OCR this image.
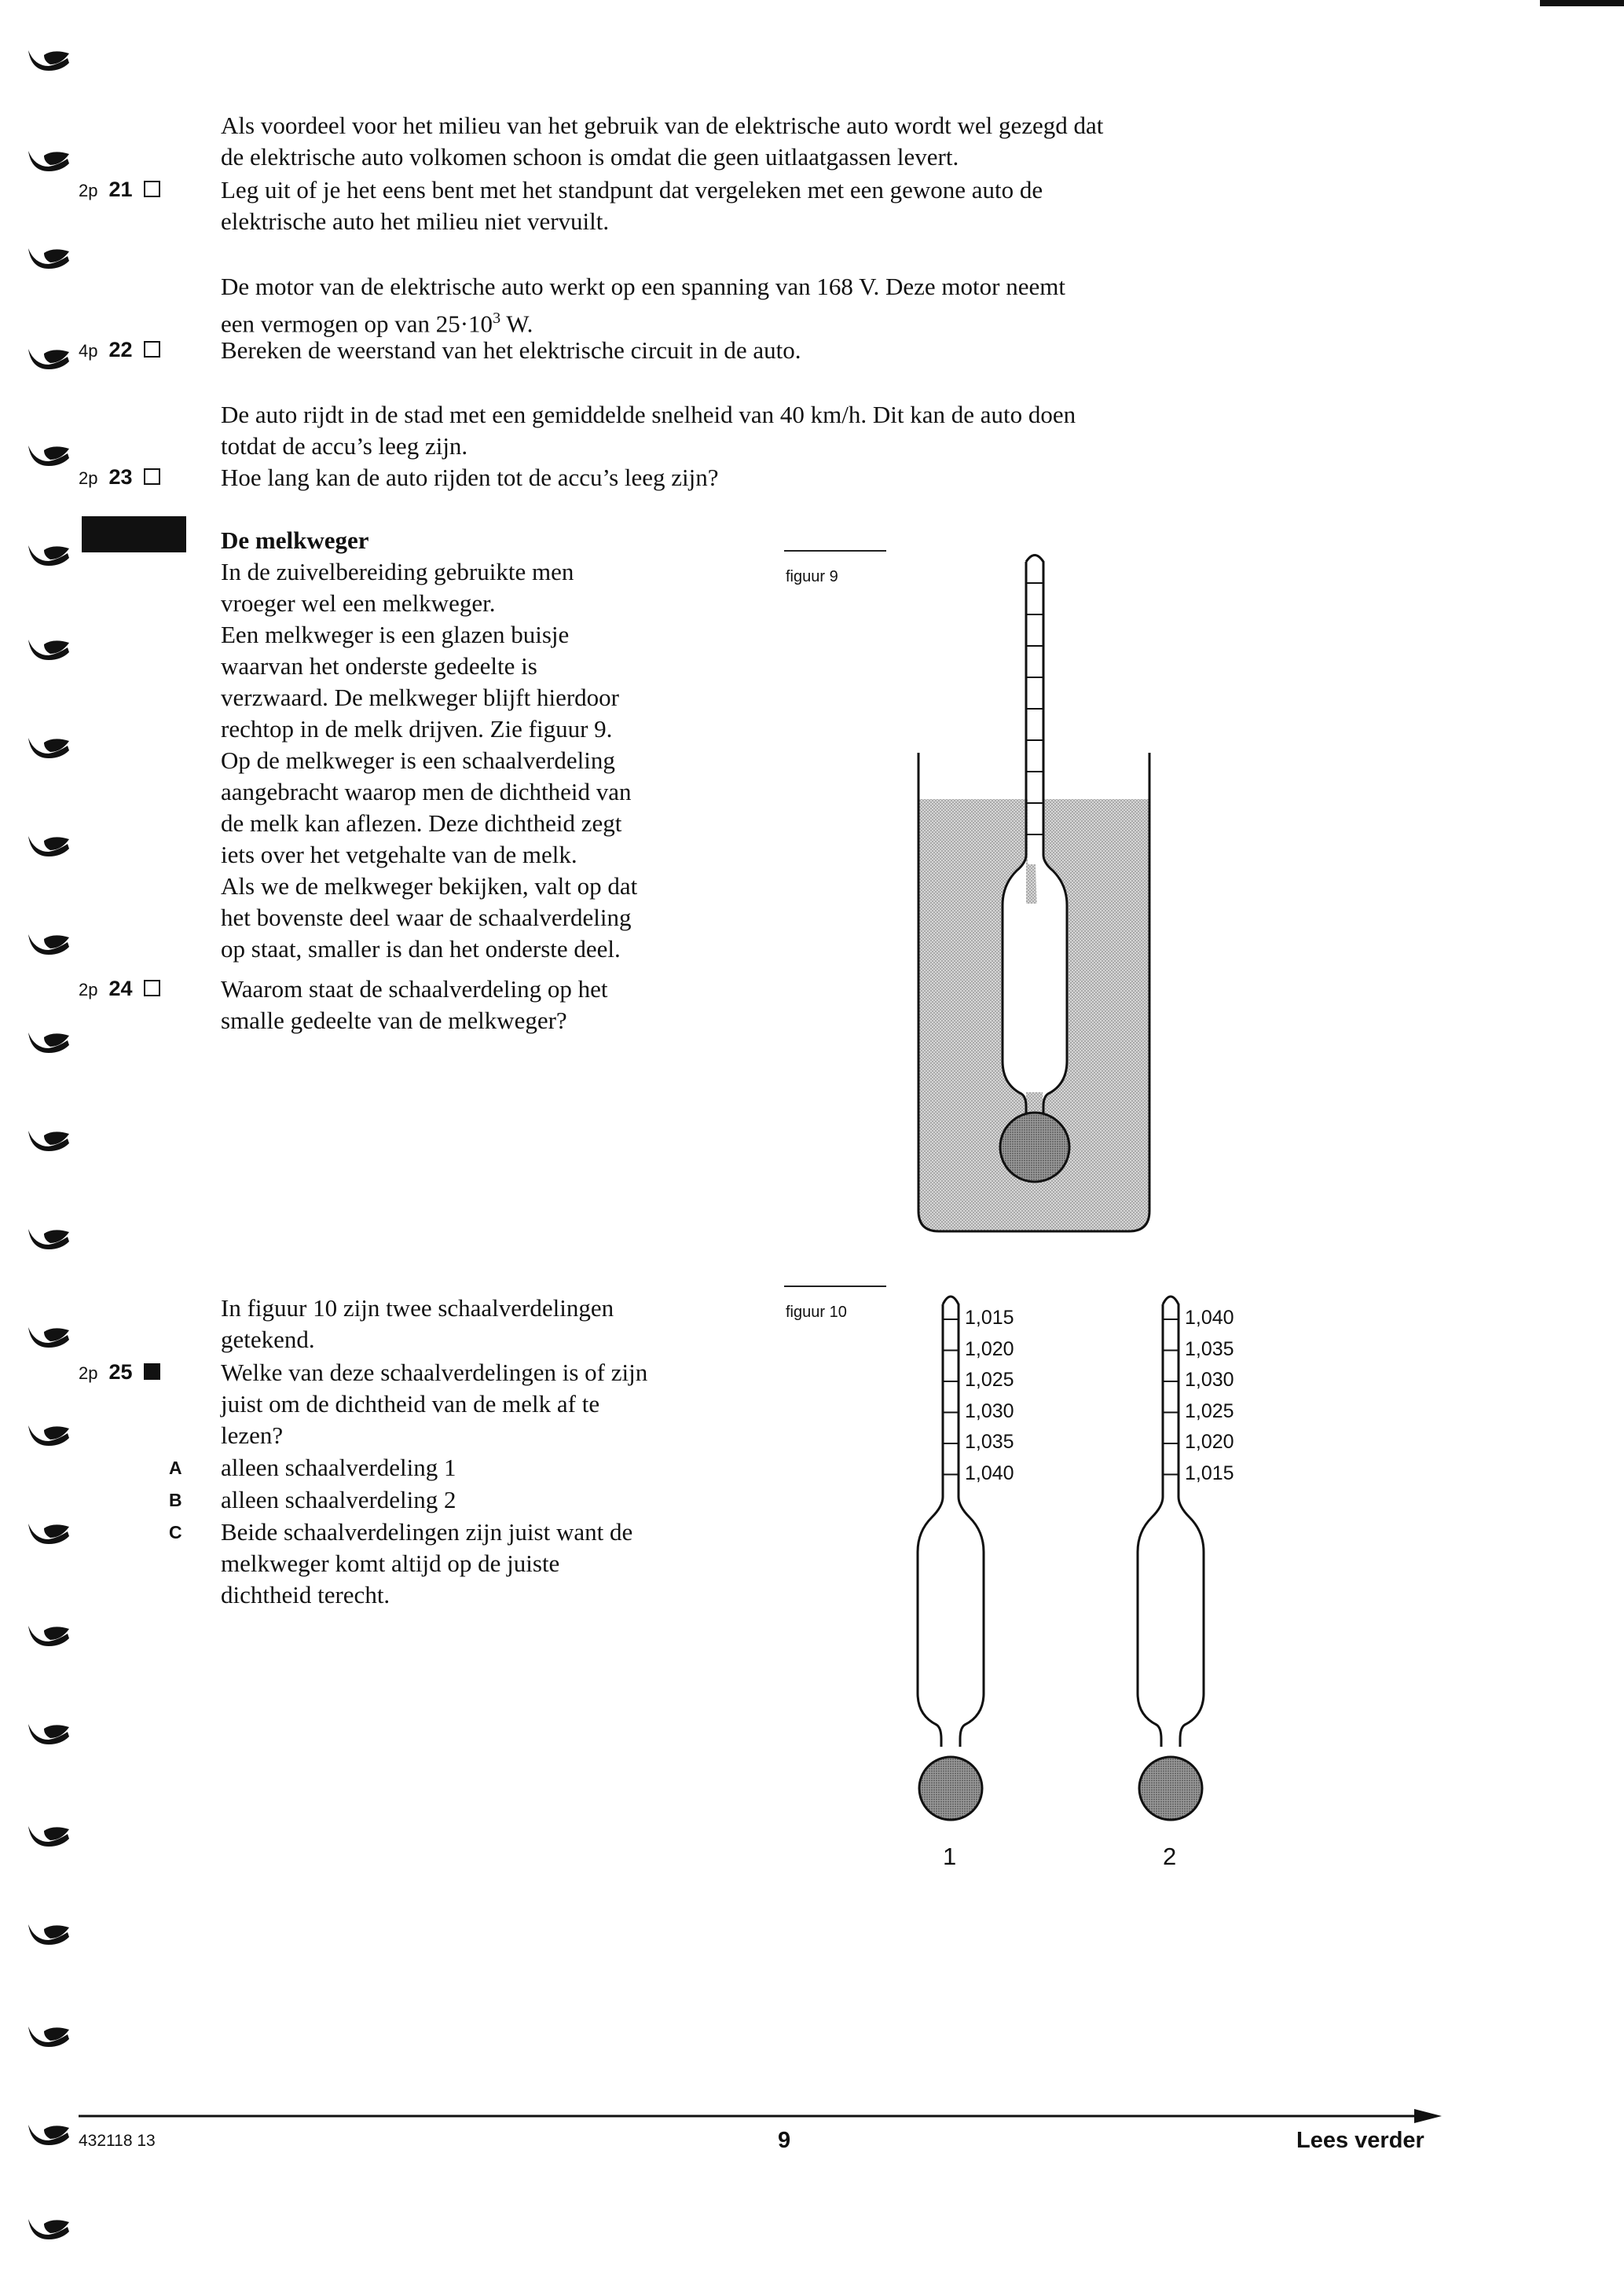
Als voordeel voor het milieu van het gebruik van de elektrische auto wordt wel gezegd dat
de elektrische auto volkomen schoon is omdat die geen uitlaatgassen levert.
2p 21	Leg uit of je het eens bent met het standpunt dat vergeleken met een gewone auto de
elektrische auto het milieu niet vervuilt.
De motor van de elektrische auto werkt op een spanning van 168 V. Deze motor neemt
een vermogen op van $25\cdot 10^3$ W.
4p 22	Bereken de weerstand van het elektrische circuit in de auto.
De auto rijdt in de stad met een gemiddelde snelheid van 40 km/h. Dit kan de auto doen
totdat de accu’s leeg zijn.
2p 23	Hoe lang kan de auto rijden tot de accu’s leeg zijn?
De melkweger
In de zuivelbereiding gebruikte men
vroeger wel een melkweger.
Een melkweger is een glazen buisje
waarvan het onderste gedeelte is
verzwaard. De melkweger blijft hierdoor
rechtop in de melk drijven. Zie figuur 9.
Op de melkweger is een schaalverdeling
aangebracht waarop men de dichtheid van
de melk kan aflezen. Deze dichtheid zegt
iets over het vetgehalte van de melk.
Als we de melkweger bekijken, valt op dat
het bovenste deel waar de schaalverdeling
op staat, smaller is dan het onderste deel.
2p 24	Waarom staat de schaalverdeling op het
smalle gedeelte van de melkweger?
figuur 9
In figuur 10 zijn twee schaalverdelingen
getekend.
2p 25	Welke van deze schaalverdelingen is of zijn
juist om de dichtheid van de melk af te
lezen?
A alleen schaalverdeling 1
B alleen schaalverdeling 2
C Beide schaalverdelingen zijn juist want de
melkweger komt altijd op de juiste
dichtheid terecht.
figuur 10	1,015
1,020
1,025
1,030
1,035
1,040
1
1,040
1,035
1,030
1,025
1,020
1,015
2
432118 13	9	Lees verder
